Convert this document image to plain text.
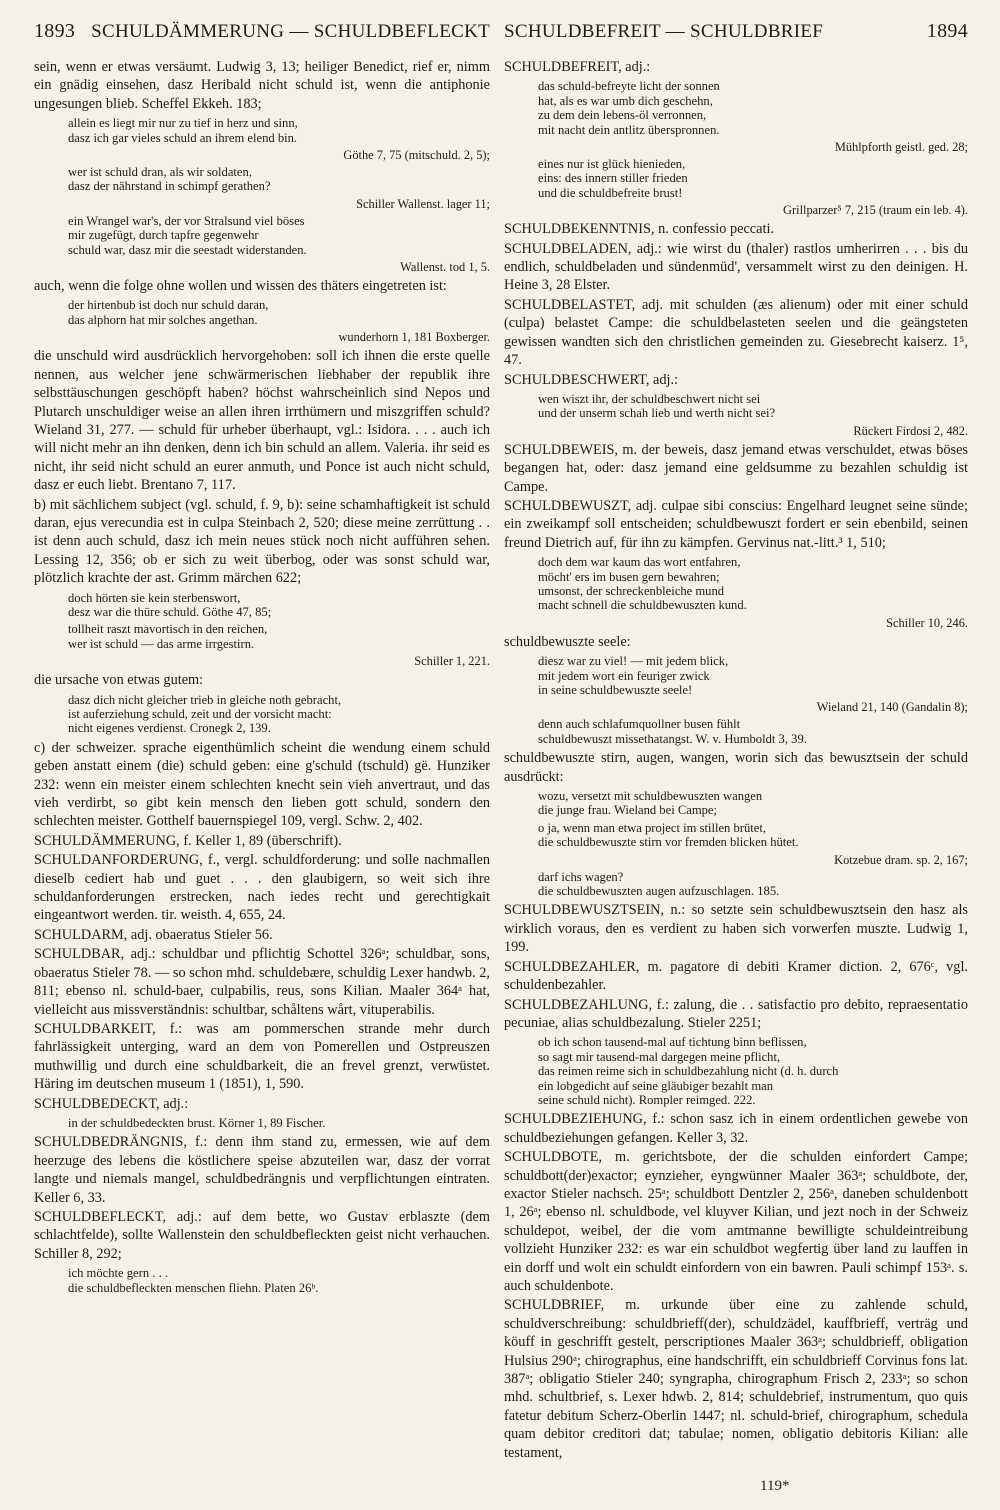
1893 SCHULDÄMMERUNG — SCHULDBEFLECKT SCHULDBEFREIT — SCHULDBRIEF	1894
sein, wenn er etwas versäumt. Ludwig 3, 13; heiliger Benedict, rief er, nimm ein gnädig einsehen, dasz Heribald nicht schuld ist, wenn die antiphonie ungesungen blieb. Scheffel Ekkeh. 183;
allein es liegt mir nur zu tief in herz und sinn,
dasz ich gar vieles schuld an ihrem elend bin.
Göthe 7, 75 (mitschuld. 2, 5);
wer ist schuld dran, als wir soldaten,
dasz der nährstand in schimpf gerathen?
Schiller Wallenst. lager 11;
ein Wrangel war's, der vor Stralsund viel böses
mir zugefügt, durch tapfre gegenwehr
schuld war, dasz mir die seestadt widerstanden.
Wallenst. tod 1, 5.
auch, wenn die folge ohne wollen und wissen des thäters eingetreten ist:
der hirtenbub ist doch nur schuld daran,
das alphorn hat mir solches angethan.
wunderhorn 1, 181 Boxberger.
die unschuld wird ausdrücklich hervorgehoben: soll ich ihnen die erste quelle nennen, aus welcher jene schwärmerischen liebhaber der republik ihre selbsttäuschungen geschöpft haben? höchst wahrscheinlich sind Nepos und Plutarch unschuldiger weise an allen ihren irrthümern und miszgriffen schuld? Wieland 31, 277. — schuld für urheber überhaupt, vgl.: Isidora. . . . auch ich will nicht mehr an ihn denken, denn ich bin schuld an allem. Valeria. ihr seid es nicht, ihr seid nicht schuld an eurer anmuth, und Ponce ist auch nicht schuld, dasz er euch liebt. Brentano 7, 117.
b) mit sächlichem subject (vgl. schuld, f. 9, b): seine schamhaftigkeit ist schuld daran, ejus verecundia est in culpa Steinbach 2, 520; diese meine zerrüttung . . ist denn auch schuld, dasz ich mein neues stück noch nicht aufführen sehen. Lessing 12, 356; ob er sich zu weit überbog, oder was sonst schuld war, plötzlich krachte der ast. Grimm märchen 622;
doch hörten sie kein sterbenswort,
desz war die thüre schuld. Göthe 47, 85;
tollheit raszt mavortisch in den reichen,
wer ist schuld — das arme irrgestirn.
Schiller 1, 221.
die ursache von etwas gutem:
dasz dich nicht gleicher trieb in gleiche noth gebracht,
ist auferziehung schuld, zeit und der vorsicht macht:
nicht eigenes verdienst. Cronegk 2, 139.
c) der schweizer. sprache eigenthümlich scheint die wendung einem schuld geben anstatt einem (die) schuld geben: eine g'schuld (tschuld) gë. Hunziker 232: wenn ein meister einem schlechten knecht sein vieh anvertraut, und das vieh verdirbt, so gibt kein mensch den lieben gott schuld, sondern den schlechten meister. Gotthelf bauernspiegel 109, vergl. Schw. 2, 402.
SCHULDÄMMERUNG, f. Keller 1, 89 (überschrift).
SCHULDANFORDERUNG, f., vergl. schuldforderung: und solle nachmallen dieselb cediert hab und guet . . . den glaubigern, so weit sich ihre schuldanforderungen erstrecken, nach iedes recht und gerechtigkait eingeantwort werden. tir. weisth. 4, 655, 24.
SCHULDARM, adj. obaeratus Stieler 56.
SCHULDBAR, adj.: schuldbar und pflichtig Schottel 326ᵃ; schuldbar, sons, obaeratus Stieler 78. — so schon mhd. schuldebære, schuldig Lexer handwb. 2, 811; ebenso nl. schuld-baer, culpabilis, reus, sons Kilian. Maaler 364ᵃ hat, vielleicht aus missverständnis: schultbar, schåltens wårt, vituperabilis.
SCHULDBARKEIT, f.: was am pommerschen strande mehr durch fahrlässigkeit unterging, ward an dem von Pomerellen und Ostpreuszen muthwillig und durch eine schuldbarkeit, die an frevel grenzt, verwüstet. Häring im deutschen museum 1 (1851), 1, 590.
SCHULDBEDECKT, adj.:
in der schuldbedeckten brust. Körner 1, 89 Fischer.
SCHULDBEDRÄNGNIS, f.: denn ihm stand zu, ermessen, wie auf dem heerzuge des lebens die köstlichere speise abzuteilen war, dasz der vorrat langte und niemals mangel, schuldbedrängnis und verpflichtungen eintraten. Keller 6, 33.
SCHULDBEFLECKT, adj.: auf dem bette, wo Gustav erblaszte (dem schlachtfelde), sollte Wallenstein den schuldbefleckten geist nicht verhauchen. Schiller 8, 292;
ich möchte gern . . .
die schuldbefleckten menschen fliehn. Platen 26ᵇ.
SCHULDBEFREIT, adj.:
das schuld-befreyte licht der sonnen
hat, als es war umb dich geschehn,
zu dem dein lebens-öl verronnen,
mit nacht dein antlitz überspronnen.
Mühlpforth geistl. ged. 28;
eines nur ist glück hienieden,
eins: des innern stiller frieden
und die schuldbefreite brust!
Grillparzer⁵ 7, 215 (traum ein leb. 4).
SCHULDBEKENNTNIS, n. confessio peccati.
SCHULDBELADEN, adj.: wie wirst du (thaler) rastlos umherirren . . . bis du endlich, schuldbeladen und sündenmüd', versammelt wirst zu den deinigen. H. Heine 3, 28 Elster.
SCHULDBELASTET, adj. mit schulden (æs alienum) oder mit einer schuld (culpa) belastet Campe: die schuldbelasteten seelen und die geängsteten gewissen wandten sich den christlichen gemeinden zu. Giesebrecht kaiserz. 1⁵, 47.
SCHULDBESCHWERT, adj.:
wen wiszt ihr, der schuldbeschwert nicht sei
und der unserm schah lieb und werth nicht sei?
Rückert Firdosi 2, 482.
SCHULDBEWEIS, m. der beweis, dasz jemand etwas verschuldet, etwas böses begangen hat, oder: dasz jemand eine geldsumme zu bezahlen schuldig ist Campe.
SCHULDBEWUSZT, adj. culpae sibi conscius: Engelhard leugnet seine sünde; ein zweikampf soll entscheiden; schuldbewuszt fordert er sein ebenbild, seinen freund Dietrich auf, für ihn zu kämpfen. Gervinus nat.-litt.³ 1, 510;
doch dem war kaum das wort entfahren,
möcht' ers im busen gern bewahren;
umsonst, der schreckenbleiche mund
macht schnell die schuldbewuszten kund.
Schiller 10, 246.
schuldbewuszte seele:
diesz war zu viel! — mit jedem blick,
mit jedem wort ein feuriger zwick
in seine schuldbewuszte seele!
Wieland 21, 140 (Gandalin 8);
denn auch schlafumquollner busen fühlt
schuldbewuszt missethatangst. W. v. Humboldt 3, 39.
schuldbewuszte stirn, augen, wangen, worin sich das bewusztsein der schuld ausdrückt:
wozu, versetzt mit schuldbewuszten wangen
die junge frau. Wieland bei Campe;
o ja, wenn man etwa project im stillen brütet,
die schuldbewuszte stirn vor fremden blicken hütet.
Kotzebue dram. sp. 2, 167;
darf ichs wagen?
die schuldbewuszten augen aufzuschlagen. 185.
SCHULDBEWUSZTSEIN, n.: so setzte sein schuldbewusztsein den hasz als wirklich voraus, den es verdient zu haben sich vorwerfen muszte. Ludwig 1, 199.
SCHULDBEZAHLER, m. pagatore di debiti Kramer diction. 2, 676ᶜ, vgl. schuldenbezahler.
SCHULDBEZAHLUNG, f.: zalung, die . . satisfactio pro debito, repraesentatio pecuniae, alias schuldbezalung. Stieler 2251;
ob ich schon tausend-mal auf tichtung binn beflissen,
so sagt mir tausend-mal dargegen meine pflicht,
das reimen reime sich in schuldbezahlung nicht (d. h. durch
ein lobgedicht auf seine gläubiger bezahlt man
seine schuld nicht). Rompler reimged. 222.
SCHULDBEZIEHUNG, f.: schon sasz ich in einem ordentlichen gewebe von schuldbeziehungen gefangen. Keller 3, 32.
SCHULDBOTE, m. gerichtsbote, der die schulden einfordert Campe; schuldbott(der)exactor; eynzieher, eyngwünner Maaler 363ᵃ; schuldbote, der, exactor Stieler nachsch. 25ᵃ; schuldbott Dentzler 2, 256ᵃ, daneben schuldenbott 1, 26ᵃ; ebenso nl. schuldbode, vel kluyver Kilian, und jezt noch in der Schweiz schuldepot, weibel, der die vom amtmanne bewilligte schuldeintreibung vollzieht Hunziker 232: es war ein schuldbot wegfertig über land zu lauffen in ein dorff und wolt ein schuldt einfordern von ein bawren. Pauli schimpf 153ᵃ. s. auch schuldenbote.
SCHULDBRIEF, m. urkunde über eine zu zahlende schuld, schuldverschreibung: schuldbrieff(der), schuldzädel, kauffbrieff, verträg und köuff in geschrifft gestelt, perscriptiones Maaler 363ᵃ; schuldbrieff, obligation Hulsius 290ᵃ; chirographus, eine handschrifft, ein schuldbrieff Corvinus fons lat. 387ᵃ; obligatio Stieler 240; syngrapha, chirographum Frisch 2, 233ᵃ; so schon mhd. schultbrief, s. Lexer hdwb. 2, 814; schuldebrief, instrumentum, quo quis fatetur debitum Scherz-Oberlin 1447; nl. schuld-brief, chirographum, schedula quam debitor creditori dat; tabulae; nomen, obligatio debitoris Kilian: alle testament,
119*
